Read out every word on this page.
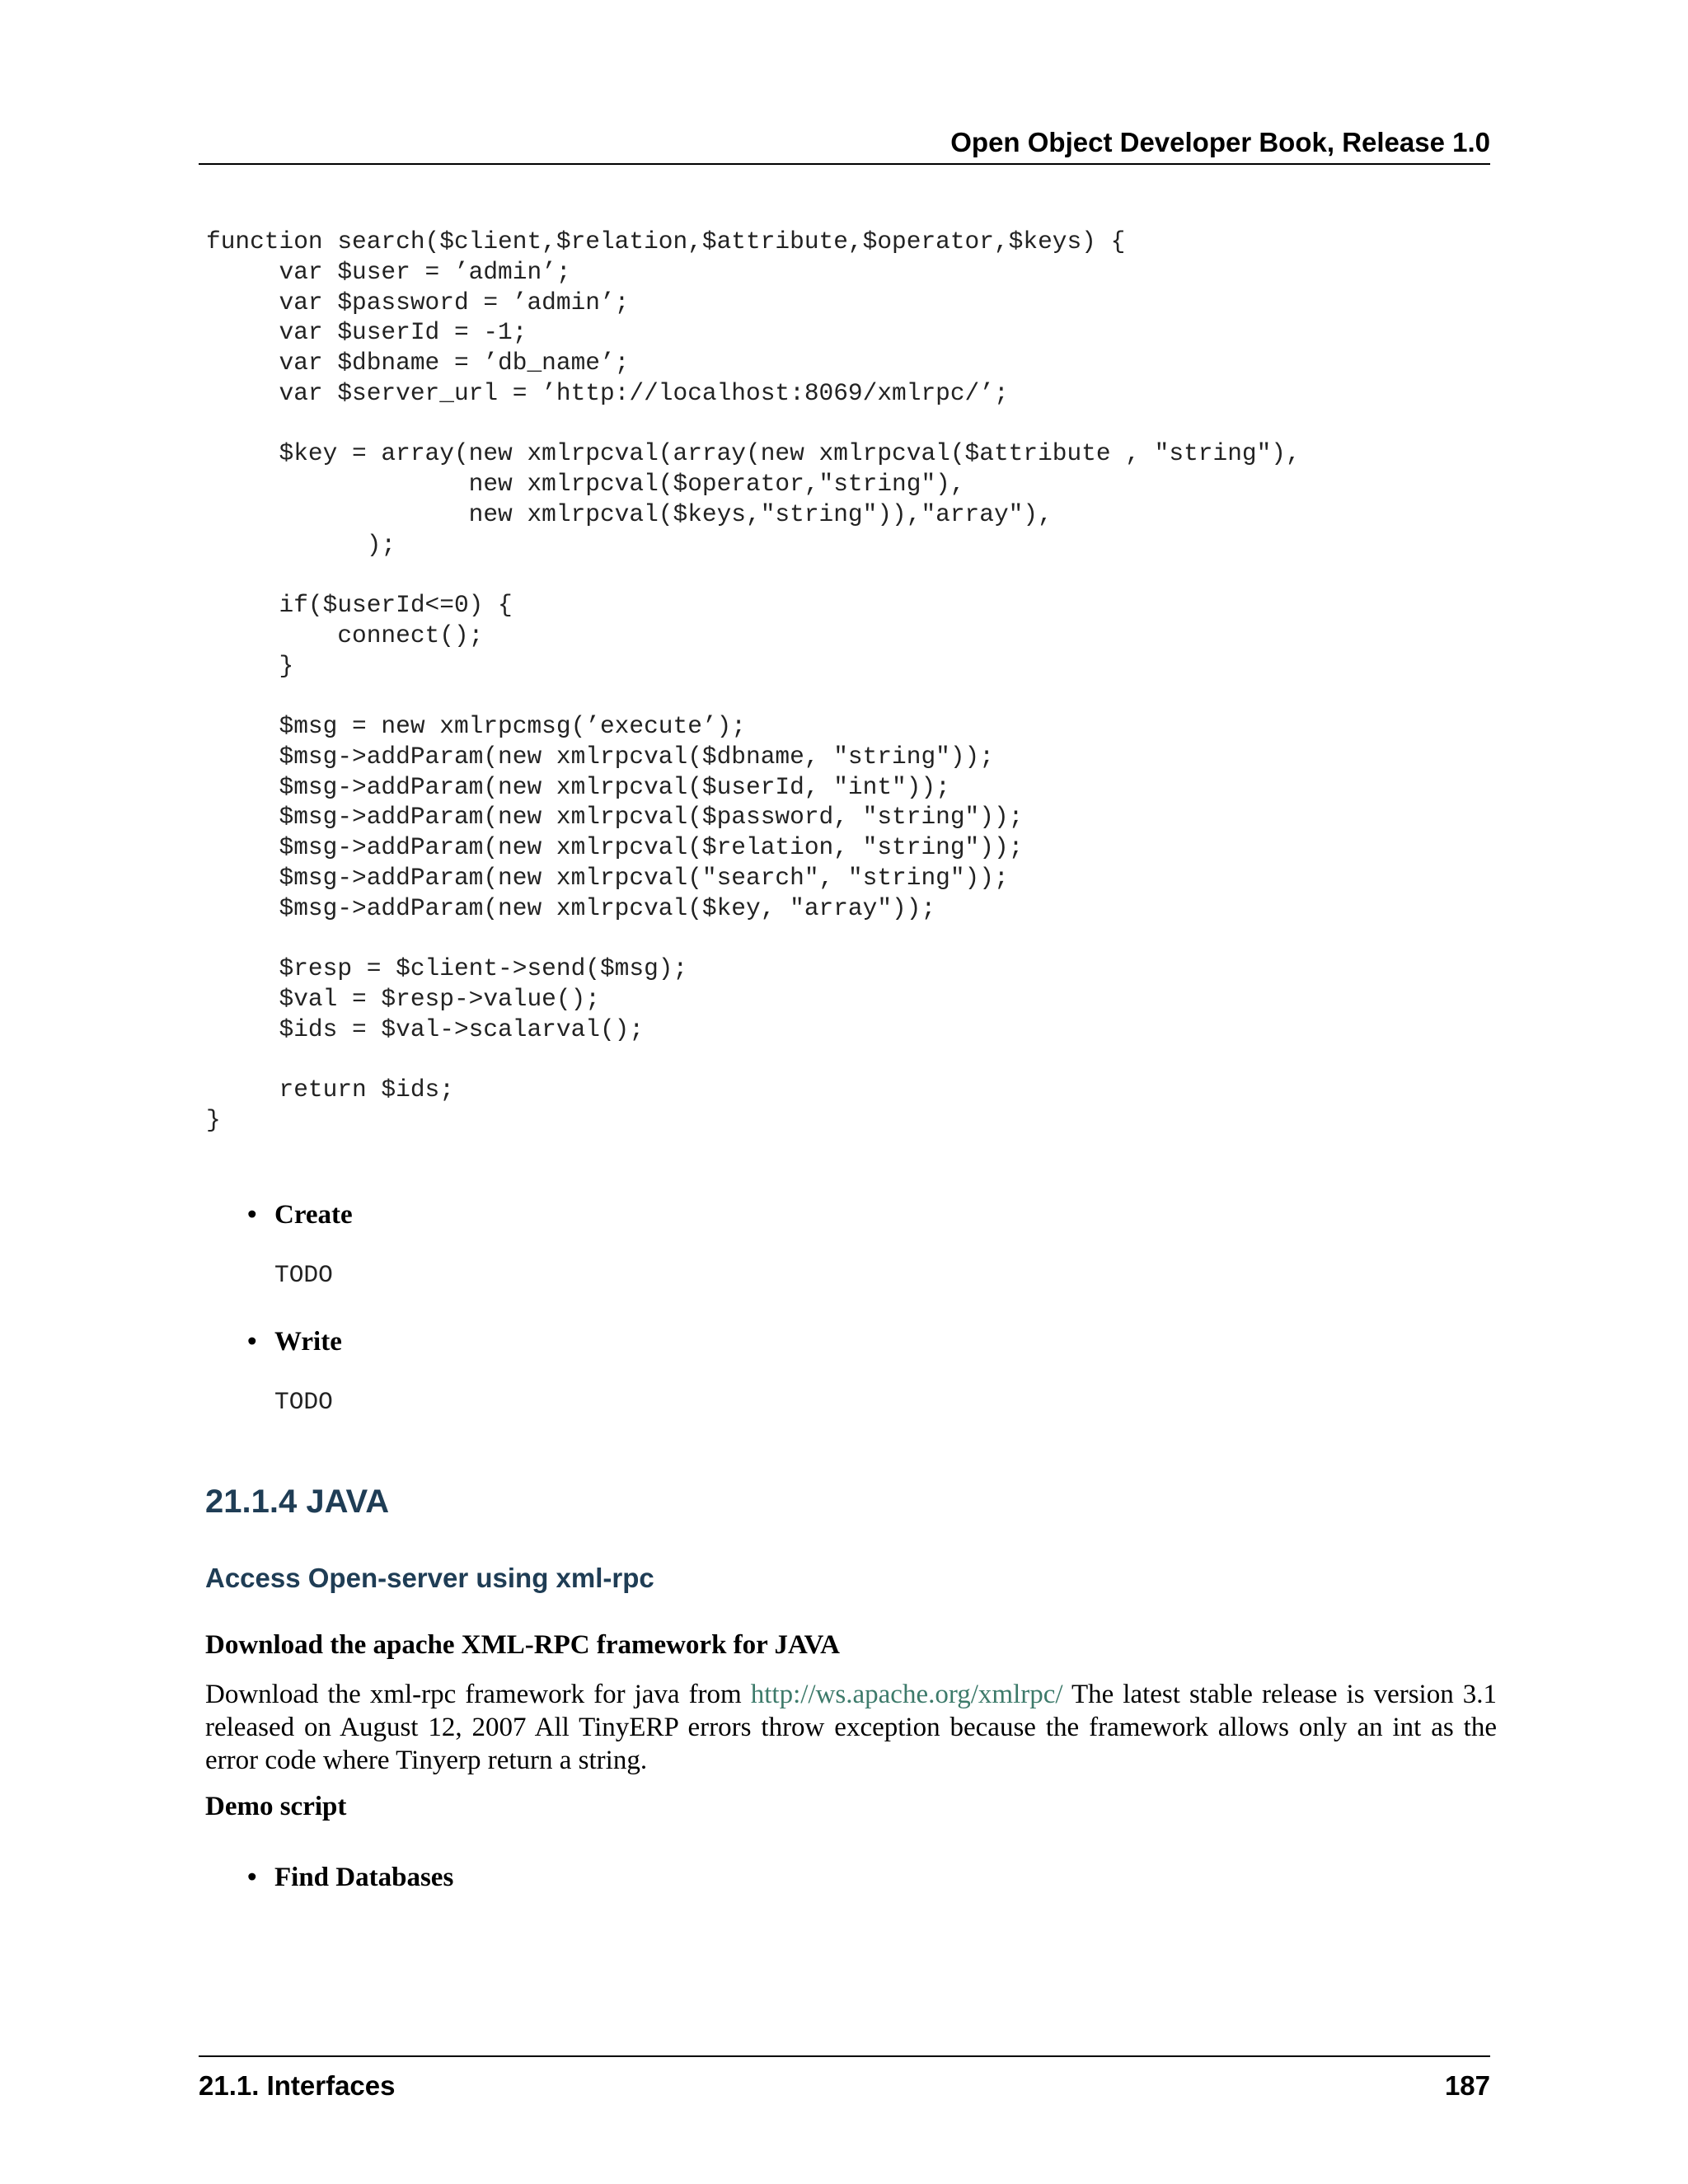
Open Object Developer Book, Release 1.0
function search($client,$relation,$attribute,$operator,$keys) {
var $user = ’admin’;
var $password = ’admin’;
var $userId = -1;
var $dbname = ’db_name’;
var $server_url = ’http://localhost:8069/xmlrpc/’;

$key = array(new xmlrpcval(array(new xmlrpcval($attribute , "string"),
new xmlrpcval($operator,"string"),
new xmlrpcval($keys,"string")),"array"),
);

if($userId<=0) {
connect();
}

$msg = new xmlrpcmsg(’execute’);
$msg->addParam(new xmlrpcval($dbname, "string"));
$msg->addParam(new xmlrpcval($userId, "int"));
$msg->addParam(new xmlrpcval($password, "string"));
$msg->addParam(new xmlrpcval($relation, "string"));
$msg->addParam(new xmlrpcval("search", "string"));
$msg->addParam(new xmlrpcval($key, "array"));

$resp = $client->send($msg);
$val = $resp->value();
$ids = $val->scalarval();

return $ids;
}
• Create
TODO
• Write
TODO
21.1.4 JAVA
Access Open-server using xml-rpc
Download the apache XML-RPC framework for JAVA
Download the xml-rpc framework for java from http://ws.apache.org/xmlrpc/ The latest stable release is version 3.1 released on August 12, 2007 All TinyERP errors throw exception because the framework allows only an int as the error code where Tinyerp return a string.
Demo script
• Find Databases
21.1. Interfaces	187
